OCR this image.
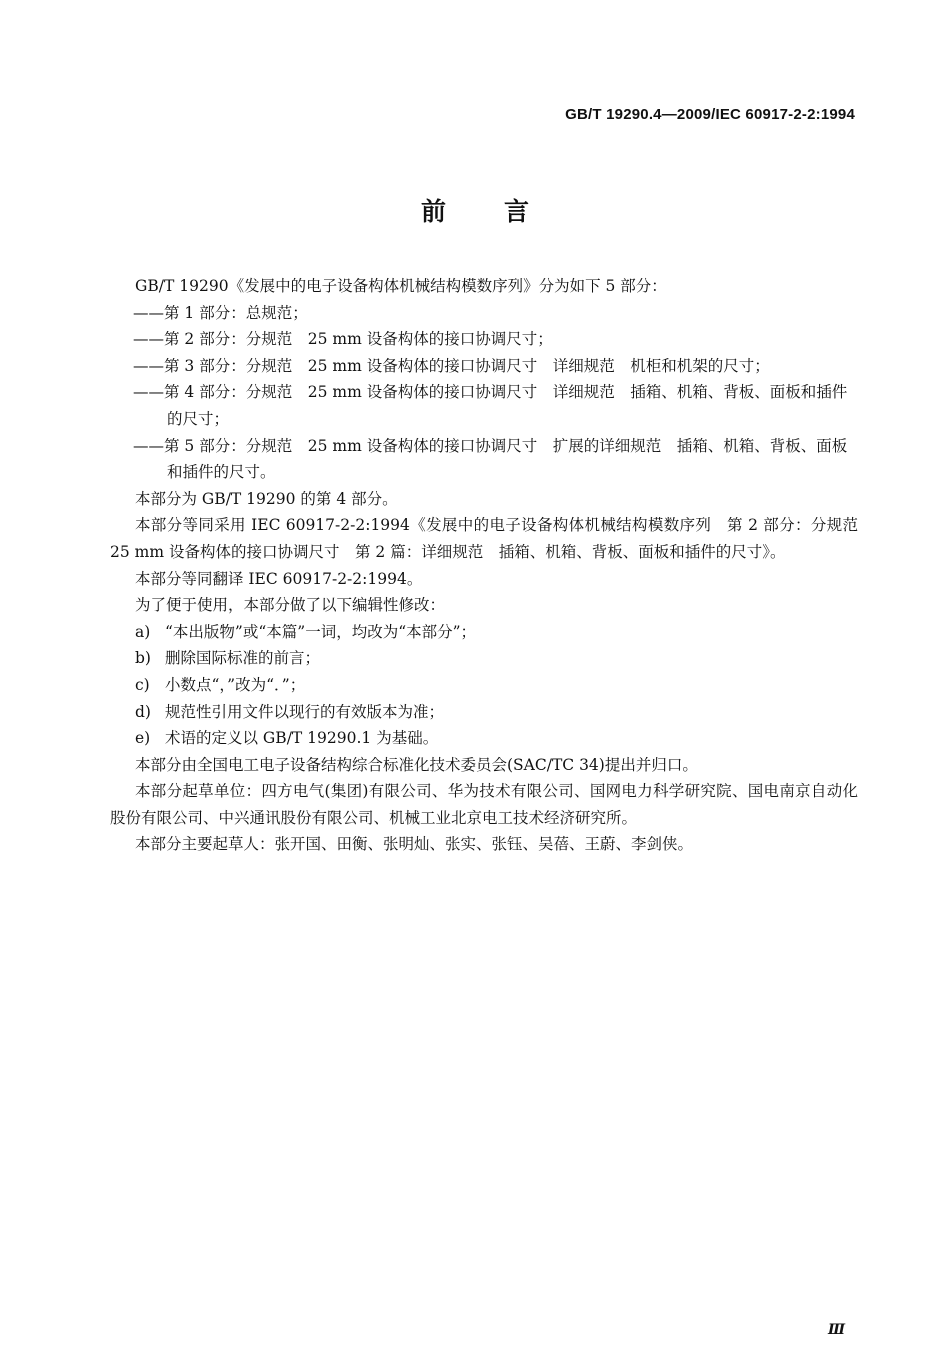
GB/T 19290.4—2009/IEC 60917-2-2:1994
前言

GB/T 19290《发展中的电子设备构体机械结构模数序列》分为如下 5 部分：

——第 1 部分：总规范；

——第 2 部分：分规范　25 mm 设备构体的接口协调尺寸；

——第 3 部分：分规范　25 mm 设备构体的接口协调尺寸　详细规范　机柜和机架的尺寸；

——第 4 部分：分规范　25 mm 设备构体的接口协调尺寸　详细规范　插箱、机箱、背板、面板和插件的尺寸；

——第 5 部分：分规范　25 mm 设备构体的接口协调尺寸　扩展的详细规范　插箱、机箱、背板、面板和插件的尺寸。

本部分为 GB/T 19290 的第 4 部分。

本部分等同采用 IEC 60917-2-2:1994《发展中的电子设备构体机械结构模数序列　第 2 部分：分规范　25 mm 设备构体的接口协调尺寸　第 2 篇：详细规范　插箱、机箱、背板、面板和插件的尺寸》。

本部分等同翻译 IEC 60917-2-2:1994。

为了便于使用，本部分做了以下编辑性修改：

a) “本出版物”或“本篇”一词，均改为“本部分”；

b) 删除国际标准的前言；

c) 小数点“，”改为“．”；

d) 规范性引用文件以现行的有效版本为准；

e) 术语的定义以 GB/T 19290.1 为基础。

本部分由全国电工电子设备结构综合标准化技术委员会(SAC/TC 34)提出并归口。

本部分起草单位：四方电气(集团)有限公司、华为技术有限公司、国网电力科学研究院、国电南京自动化股份有限公司、中兴通讯股份有限公司、机械工业北京电工技术经济研究所。

本部分主要起草人：张开国、田衡、张明灿、张实、张钰、吴蓓、王蔚、李剑侠。

Ⅲ
